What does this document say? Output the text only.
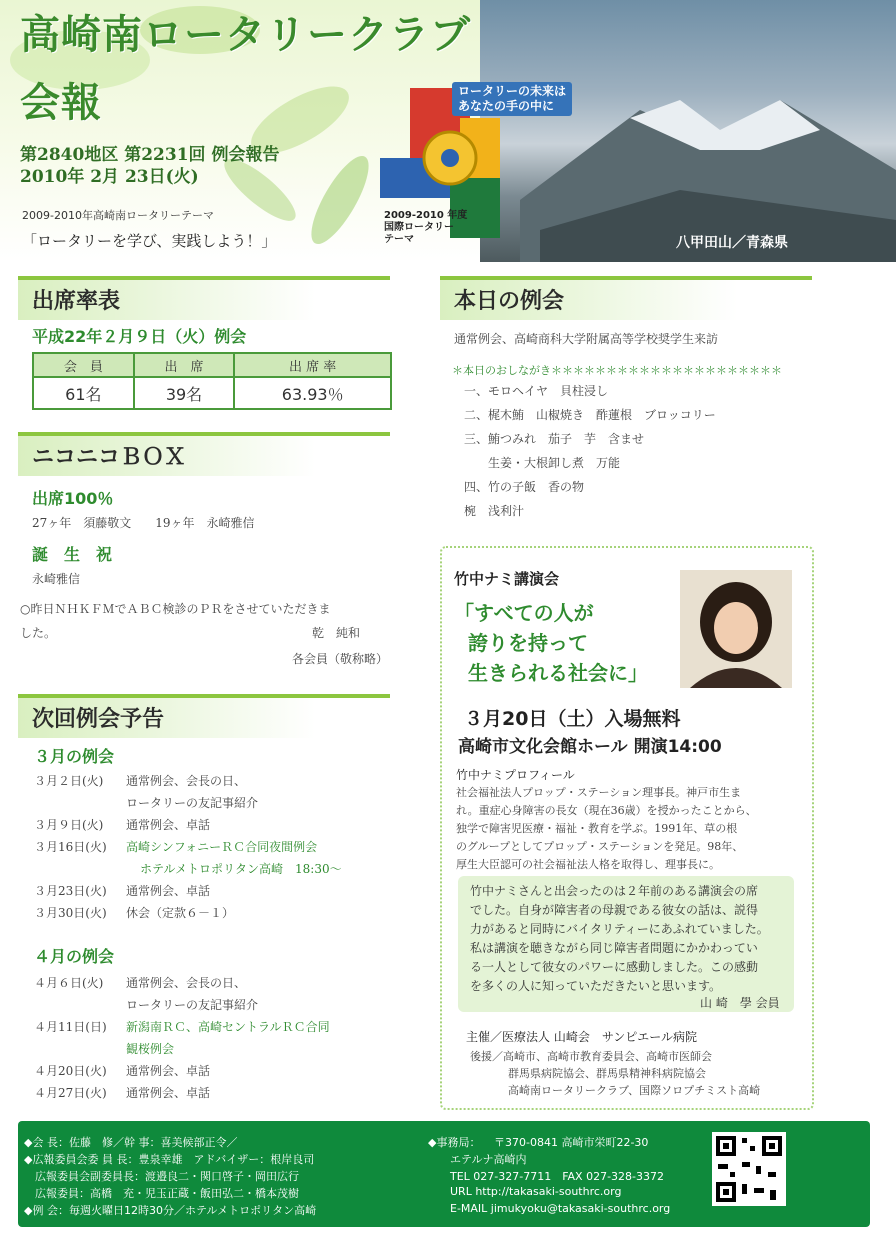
ロータリーの未来は
あなたの手の中に
2009-2010 年度
国際ロータリー
テーマ	八甲田山／青森県
高崎南ロータリークラブ
会報
第2840地区 第2231回 例会報告
2010年 2月 23日(火)
2009-2010年高崎南ロータリーテーマ
「ロータリーを学び、実践しよう！」
出席率表
平成22年２月９日（火）例会
会　員	出　席	出 席 率
61名	39名	63.93％
ニコニコＢＯＸ
出席100％
27ヶ年　須藤敬文　　19ヶ年　永崎雅信
誕　生　祝
永崎雅信
○昨日ＮＨＫＦＭでＡＢＣ検診のＰＲをさせていただきま
した。	乾　純和
各会員（敬称略）
次回例会予告
３月の例会
３月２日(火) 通常例会、会長の日、
ロータリーの友記事紹介
３月９日(火) 通常例会、卓話
３月16日(火) 高崎シンフォニーＲＣ合同夜間例会
ホテルメトロポリタン高崎　18:30〜
３月23日(火) 通常例会、卓話
３月30日(火) 休会（定款６－１）
４月の例会
４月６日(火) 通常例会、会長の日、
ロータリーの友記事紹介
４月11日(日) 新潟南ＲＣ、高崎セントラルＲＣ合同
観桜例会
４月20日(火) 通常例会、卓話
４月27日(火) 通常例会、卓話
本日の例会
通常例会、高崎商科大学附属高等学校奨学生来訪
＊本日のおしながき＊＊＊＊＊＊＊＊＊＊＊＊＊＊＊＊＊＊＊＊＊
一、モロヘイヤ　貝柱浸し
二、梶木鮪　山椒焼き　酢蓮根　ブロッコリー
三、鮪つみれ　茄子　芋　含ませ
　　生姜・大根卸し煮　万能
四、竹の子飯　香の物
椀　浅利汁
竹中ナミ講演会
「すべての人が
誇りを持って
生きられる社会に」
３月20日（土）入場無料
高崎市文化会館ホール 開演14:00
竹中ナミプロフィール
社会福祉法人プロップ・ステーション理事長。神戸市生ま
れ。重症心身障害の長女（現在36歳）を授かったことから、
独学で障害児医療・福祉・教育を学ぶ。1991年、草の根
のグループとしてプロップ・ステーションを発足。98年、
厚生大臣認可の社会福祉法人格を取得し、理事長に。
竹中ナミさんと出会ったのは２年前のある講演会の席
でした。自身が障害者の母親である彼女の話は、説得
力があると同時にバイタリティーにあふれていました。
私は講演を聴きながら同じ障害者問題にかかわってい
る一人として彼女のパワーに感動しました。この感動
を多くの人に知っていただきたいと思います。
山 崎　學 会員
主催／医療法人 山崎会　サンピエール病院
後援／高崎市、高崎市教育委員会、高崎市医師会
群馬県病院協会、群馬県精神科病院協会
高崎南ロータリークラブ、国際ソロプチミスト高崎
◆会 長：佐藤　修／幹 事：喜美候部正令／
◆広報委員会委 員 長：豊泉幸雄　アドバイザー：根岸良司
　広報委員会副委員長：渡邉良二・関口啓子・岡田広行
　広報委員：高橋　充・児玉正蔵・飯田弘二・橋本茂樹
◆例 会：毎週火曜日12時30分／ホテルメトロポリタン高崎
◆事務局： 〒370-0841 高崎市栄町22-30
エテルナ高崎内
TEL 027-327-7711　FAX 027-328-3372
URL http://takasaki-southrc.org
E-MAIL jimukyoku@takasaki-southrc.org
